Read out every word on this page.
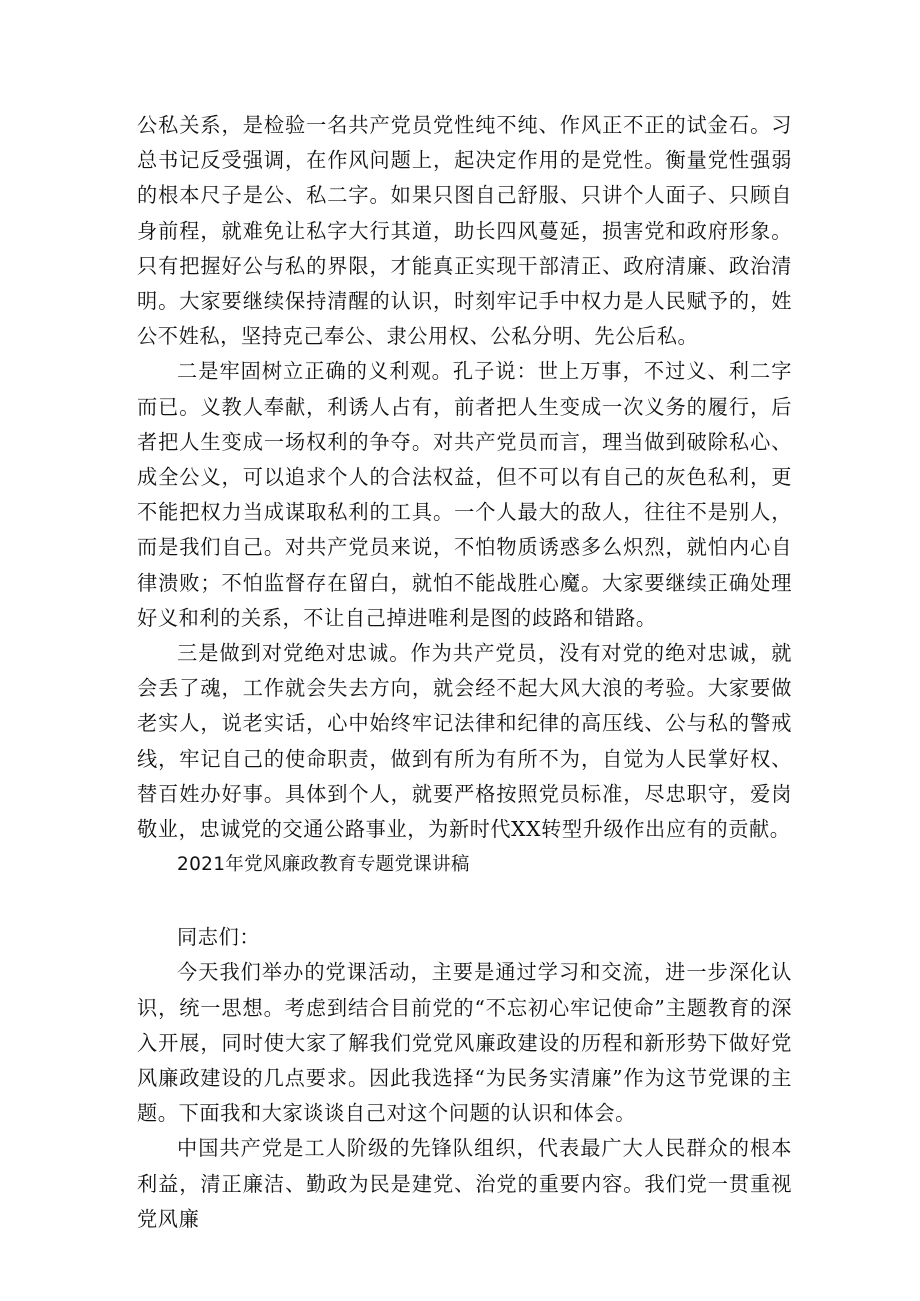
公私关系，是检验一名共产党员党性纯不纯、作风正不正的试金石。习总书记反受强调，在作风问题上，起决定作用的是党性。衡量党性强弱的根本尺子是公、私二字。如果只图自己舒服、只讲个人面子、只顾自身前程，就难免让私字大行其道，助长四风蔓延，损害党和政府形象。只有把握好公与私的界限，才能真正实现干部清正、政府清廉、政治清明。大家要继续保持清醒的认识，时刻牢记手中权力是人民赋予的，姓公不姓私，坚持克己奉公、隶公用权、公私分明、先公后私。

二是牢固树立正确的义利观。孔子说：世上万事，不过义、利二字而已。义教人奉献，利诱人占有，前者把人生变成一次义务的履行，后者把人生变成一场权利的争夺。对共产党员而言，理当做到破除私心、成全公义，可以追求个人的合法权益，但不可以有自己的灰色私利，更不能把权力当成谋取私利的工具。一个人最大的敌人，往往不是别人，而是我们自己。对共产党员来说，不怕物质诱惑多么炽烈，就怕内心自律溃败；不怕监督存在留白，就怕不能战胜心魔。大家要继续正确处理好义和利的关系，不让自己掉进唯利是图的歧路和错路。

三是做到对党绝对忠诚。作为共产党员，没有对党的绝对忠诚，就会丢了魂，工作就会失去方向，就会经不起大风大浪的考验。大家要做老实人，说老实话，心中始终牢记法律和纪律的高压线、公与私的警戒线，牢记自己的使命职责，做到有所为有所不为，自觉为人民掌好权、替百姓办好事。具体到个人，就要严格按照党员标准，尽忠职守，爱岗敬业，忠诚党的交通公路事业，为新时代XX转型升级作出应有的贡献。

2021年党风廉政教育专题党课讲稿

同志们：

今天我们举办的党课活动，主要是通过学习和交流，进一步深化认识，统一思想。考虑到结合目前党的“不忘初心牢记使命”主题教育的深入开展，同时使大家了解我们党党风廉政建设的历程和新形势下做好党风廉政建设的几点要求。因此我选择“为民务实清廉”作为这节党课的主题。下面我和大家谈谈自己对这个问题的认识和体会。

中国共产党是工人阶级的先锋队组织，代表最广大人民群众的根本利益，清正廉洁、勤政为民是建党、治党的重要内容。我们党一贯重视党风廉
